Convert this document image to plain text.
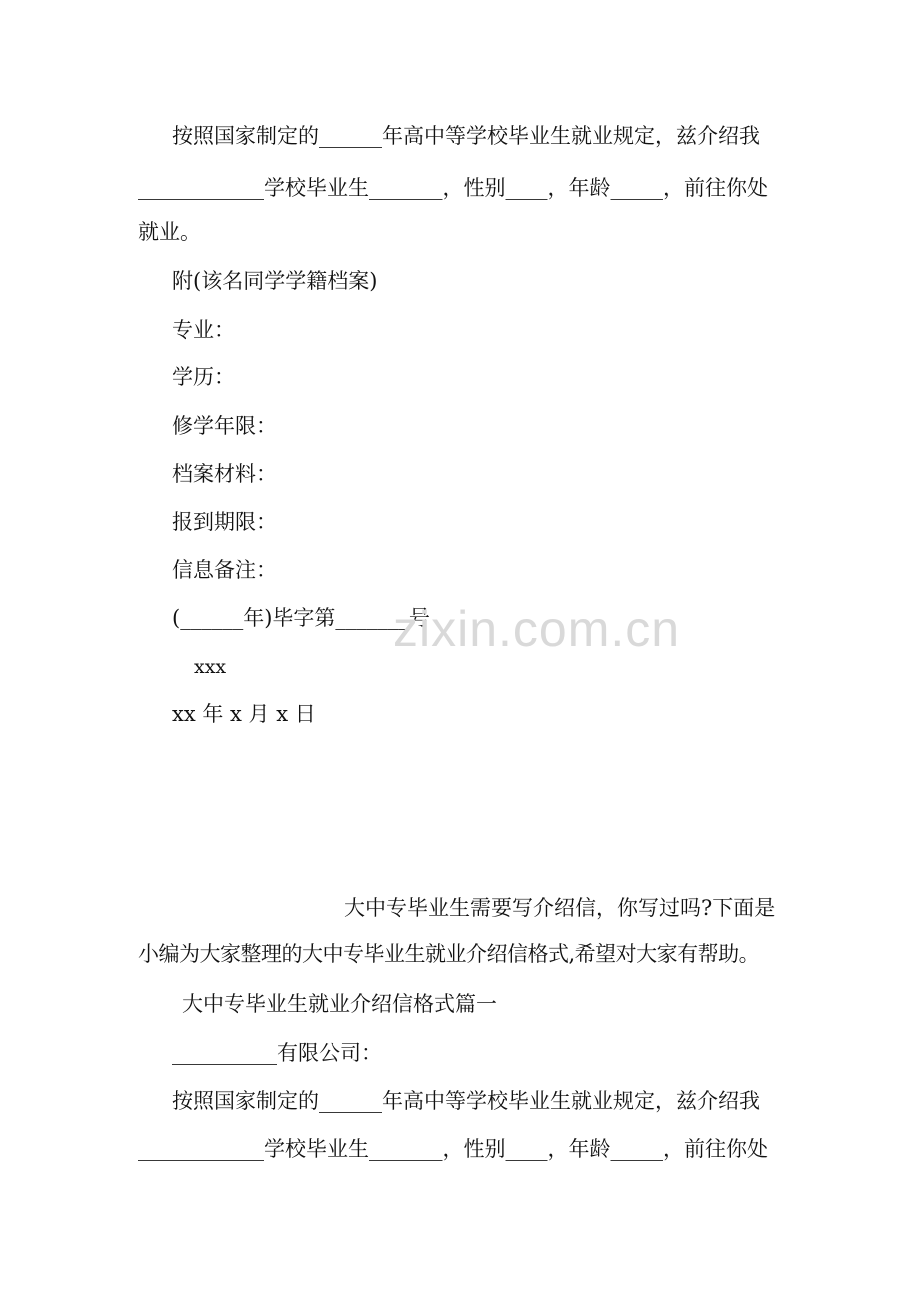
按照国家制定的______年高中等学校毕业生就业规定，兹介绍我
____________学校毕业生_______，性别____，年龄_____，前往你处
就业。
附(该名同学学籍档案)
专业：
学历：
修学年限：
档案材料：
报到期限：
信息备注：
(______年)毕字第_______号
xxx
xx 年 x 月 x 日
zixin.com.cn
大中专毕业生需要写介绍信，你写过吗?下面是
小编为大家整理的大中专毕业生就业介绍信格式,希望对大家有帮助。
大中专毕业生就业介绍信格式篇一
__________有限公司：
按照国家制定的______年高中等学校毕业生就业规定，兹介绍我
____________学校毕业生_______，性别____，年龄_____，前往你处
